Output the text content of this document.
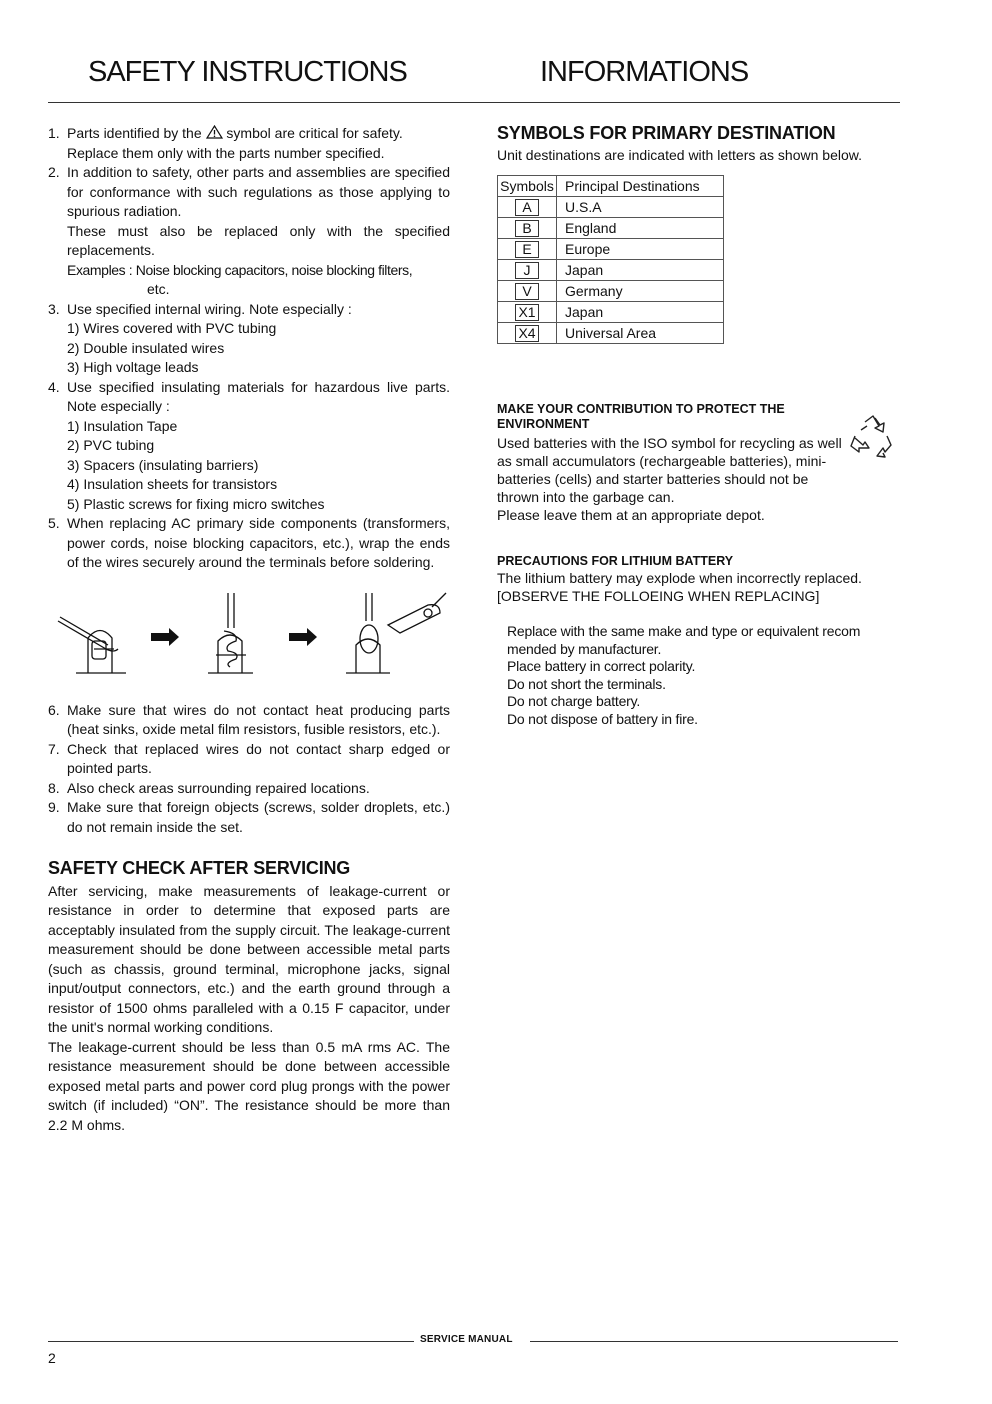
SAFETY INSTRUCTIONS	INFORMATIONS
1. Parts identified by the symbol are critical for safety.
Replace them only with the parts number specified.
2. In addition to safety, other parts and assemblies are specified for conformance with such regulations as those applying to spurious radiation.
These must also be replaced only with the specified replacements.
Examples : Noise blocking capacitors, noise blocking filters,
etc.
3. Use specified internal wiring. Note especially :
1) Wires covered with PVC tubing
2) Double insulated wires
3) High voltage leads
4. Use specified insulating materials for hazardous live parts. Note especially :
1) Insulation Tape
2) PVC tubing
3) Spacers (insulating barriers)
4) Insulation sheets for transistors
5) Plastic screws for fixing micro switches
5. When replacing AC primary side components (transformers, power cords, noise blocking capacitors, etc.), wrap the ends of the wires securely around the terminals before soldering.
6. Make sure that wires do not contact heat producing parts (heat sinks, oxide metal film resistors, fusible resistors, etc.).
7. Check that replaced wires do not contact sharp edged or pointed parts.
8. Also check areas surrounding repaired locations.
9. Make sure that foreign objects (screws, solder droplets, etc.) do not remain inside the set.
SAFETY CHECK AFTER SERVICING
After servicing, make measurements of leakage-current or resistance in order to determine that exposed parts are acceptably insulated from the supply circuit. The leakage-current measurement should be done between accessible metal parts (such as chassis, ground terminal, microphone jacks, signal input/output connectors, etc.) and the earth ground through a resistor of 1500 ohms paralleled with a 0.15 F capacitor, under the unit's normal working conditions.
The leakage-current should be less than 0.5 mA rms AC. The resistance measurement should be done between accessible exposed metal parts and power cord plug prongs with the power switch (if included) “ON”. The resistance should be more than 2.2 M ohms.
SYMBOLS FOR PRIMARY DESTINATION
Unit destinations are indicated with letters as shown below.
Symbols	Principal Destinations
A	U.S.A
B	England
E	Europe
J	Japan
V	Germany
X1	Japan
X4	Universal Area
MAKE YOUR CONTRIBUTION TO PROTECT THE ENVIRONMENT
Used batteries with the ISO symbol for recycling as well as small accumulators (rechargeable batteries), mini-batteries (cells) and starter batteries should not be thrown into the garbage can.
Please leave them at an appropriate depot.
PRECAUTIONS FOR LITHIUM BATTERY
The lithium battery may explode when incorrectly replaced.
[OBSERVE THE FOLLOEING WHEN REPLACING]
Replace with the same make and type or equivalent recom mended by manufacturer.
Place battery in correct polarity.
Do not short the terminals.
Do not charge battery.
Do not dispose of battery in fire.
SERVICE MANUAL
2
